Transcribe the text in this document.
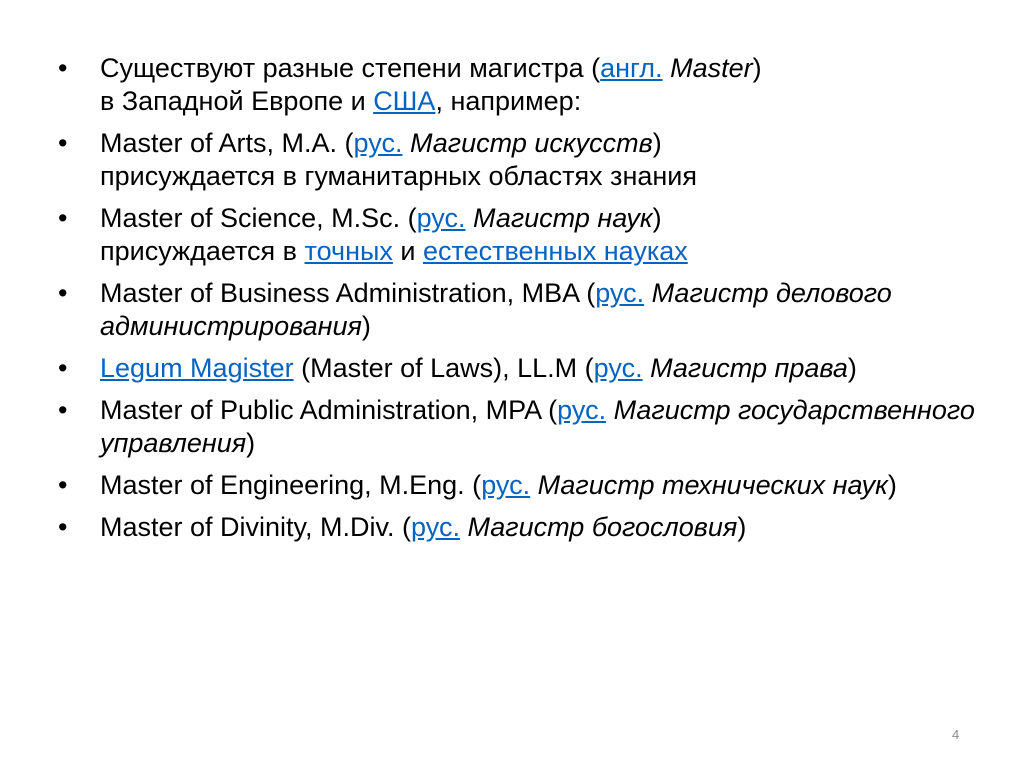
• Существуют разные степени магистра (англ. Master)
в Западной Европе и США, например:
• Master of Arts, M.A. (рус. Магистр искусств)
присуждается в гуманитарных областях знания
• Master of Science, M.Sc. (рус. Магистр наук)
присуждается в точных и естественных науках
• Master of Business Administration, MBA (рус. Магистр делового администрирования)
• Legum Magister (Master of Laws), LL.M (рус. Магистр права)
• Master of Public Administration, MPA (рус. Магистр государственного управления)
• Master of Engineering, M.Eng. (рус. Магистр технических наук)
• Master of Divinity, M.Div. (рус. Магистр богословия)
4
